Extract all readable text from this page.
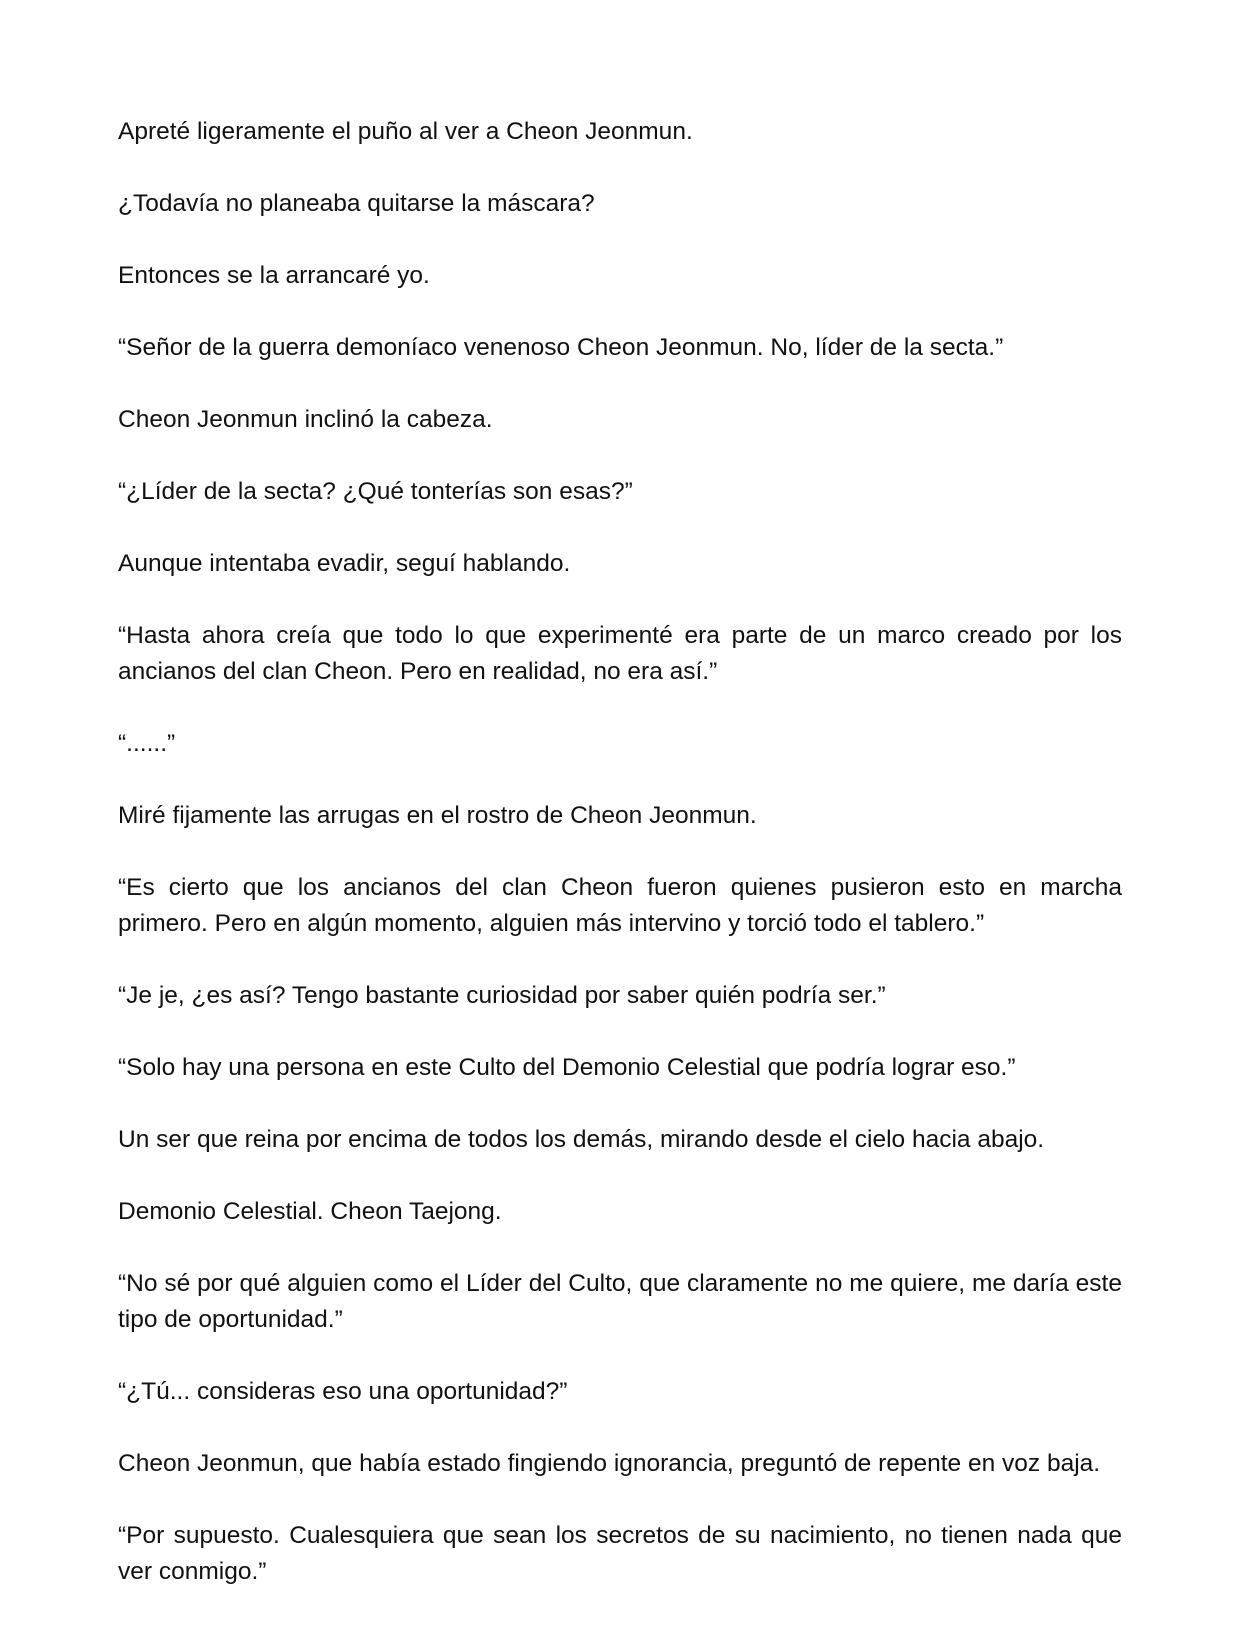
Apreté ligeramente el puño al ver a Cheon Jeonmun.

¿Todavía no planeaba quitarse la máscara?

Entonces se la arrancaré yo.

“Señor de la guerra demoníaco venenoso Cheon Jeonmun. No, líder de la secta.”

Cheon Jeonmun inclinó la cabeza.

“¿Líder de la secta? ¿Qué tonterías son esas?”

Aunque intentaba evadir, seguí hablando.

“Hasta ahora creía que todo lo que experimenté era parte de un marco creado por los ancianos del clan Cheon. Pero en realidad, no era así.”

“......”

Miré fijamente las arrugas en el rostro de Cheon Jeonmun.

“Es cierto que los ancianos del clan Cheon fueron quienes pusieron esto en marcha primero. Pero en algún momento, alguien más intervino y torció todo el tablero.”

“Je je, ¿es así? Tengo bastante curiosidad por saber quién podría ser.”

“Solo hay una persona en este Culto del Demonio Celestial que podría lograr eso.”

Un ser que reina por encima de todos los demás, mirando desde el cielo hacia abajo.

Demonio Celestial. Cheon Taejong.

“No sé por qué alguien como el Líder del Culto, que claramente no me quiere, me daría este tipo de oportunidad.”

“¿Tú... consideras eso una oportunidad?”

Cheon Jeonmun, que había estado fingiendo ignorancia, preguntó de repente en voz baja.

“Por supuesto. Cualesquiera que sean los secretos de su nacimiento, no tienen nada que ver conmigo.”
